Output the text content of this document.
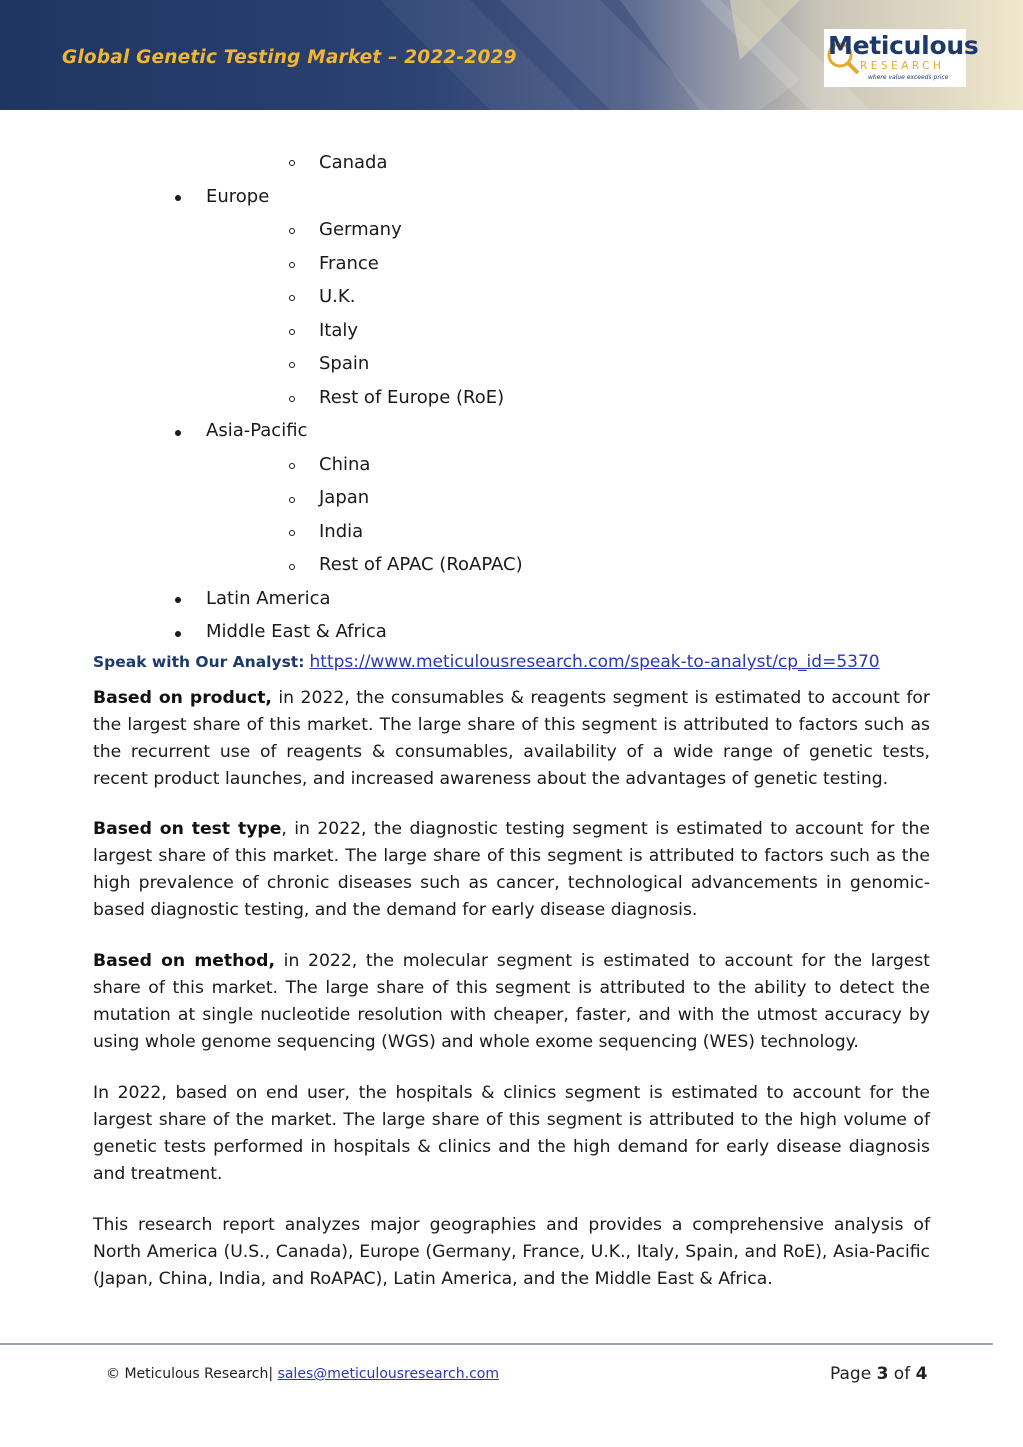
Global Genetic Testing Market – 2022-2029	Meticulous
RESEARCH
where value exceeds price
Canada
Europe
Germany
France
U.K.
Italy
Spain
Rest of Europe (RoE)
Asia-Pacific
China
Japan
India
Rest of APAC (RoAPAC)
Latin America
Middle East & Africa
Speak with Our Analyst: https://www.meticulousresearch.com/speak-to-analyst/cp_id=5370

Based on product, in 2022, the consumables & reagents segment is estimated to account for the largest share of this market. The large share of this segment is attributed to factors such as the recurrent use of reagents & consumables, availability of a wide range of genetic tests, recent product launches, and increased awareness about the advantages of genetic testing.

Based on test type, in 2022, the diagnostic testing segment is estimated to account for the largest share of this market. The large share of this segment is attributed to factors such as the high prevalence of chronic diseases such as cancer, technological advancements in genomic-based diagnostic testing, and the demand for early disease diagnosis.

Based on method, in 2022, the molecular segment is estimated to account for the largest share of this market. The large share of this segment is attributed to the ability to detect the mutation at single nucleotide resolution with cheaper, faster, and with the utmost accuracy by using whole genome sequencing (WGS) and whole exome sequencing (WES) technology.

In 2022, based on end user, the hospitals & clinics segment is estimated to account for the largest share of the market. The large share of this segment is attributed to the high volume of genetic tests performed in hospitals & clinics and the high demand for early disease diagnosis and treatment.

This research report analyzes major geographies and provides a comprehensive analysis of North America (U.S., Canada), Europe (Germany, France, U.K., Italy, Spain, and RoE), Asia-Pacific (Japan, China, India, and RoAPAC), Latin America, and the Middle East & Africa.

© Meticulous Research| sales@meticulousresearch.com	Page 3 of 4
